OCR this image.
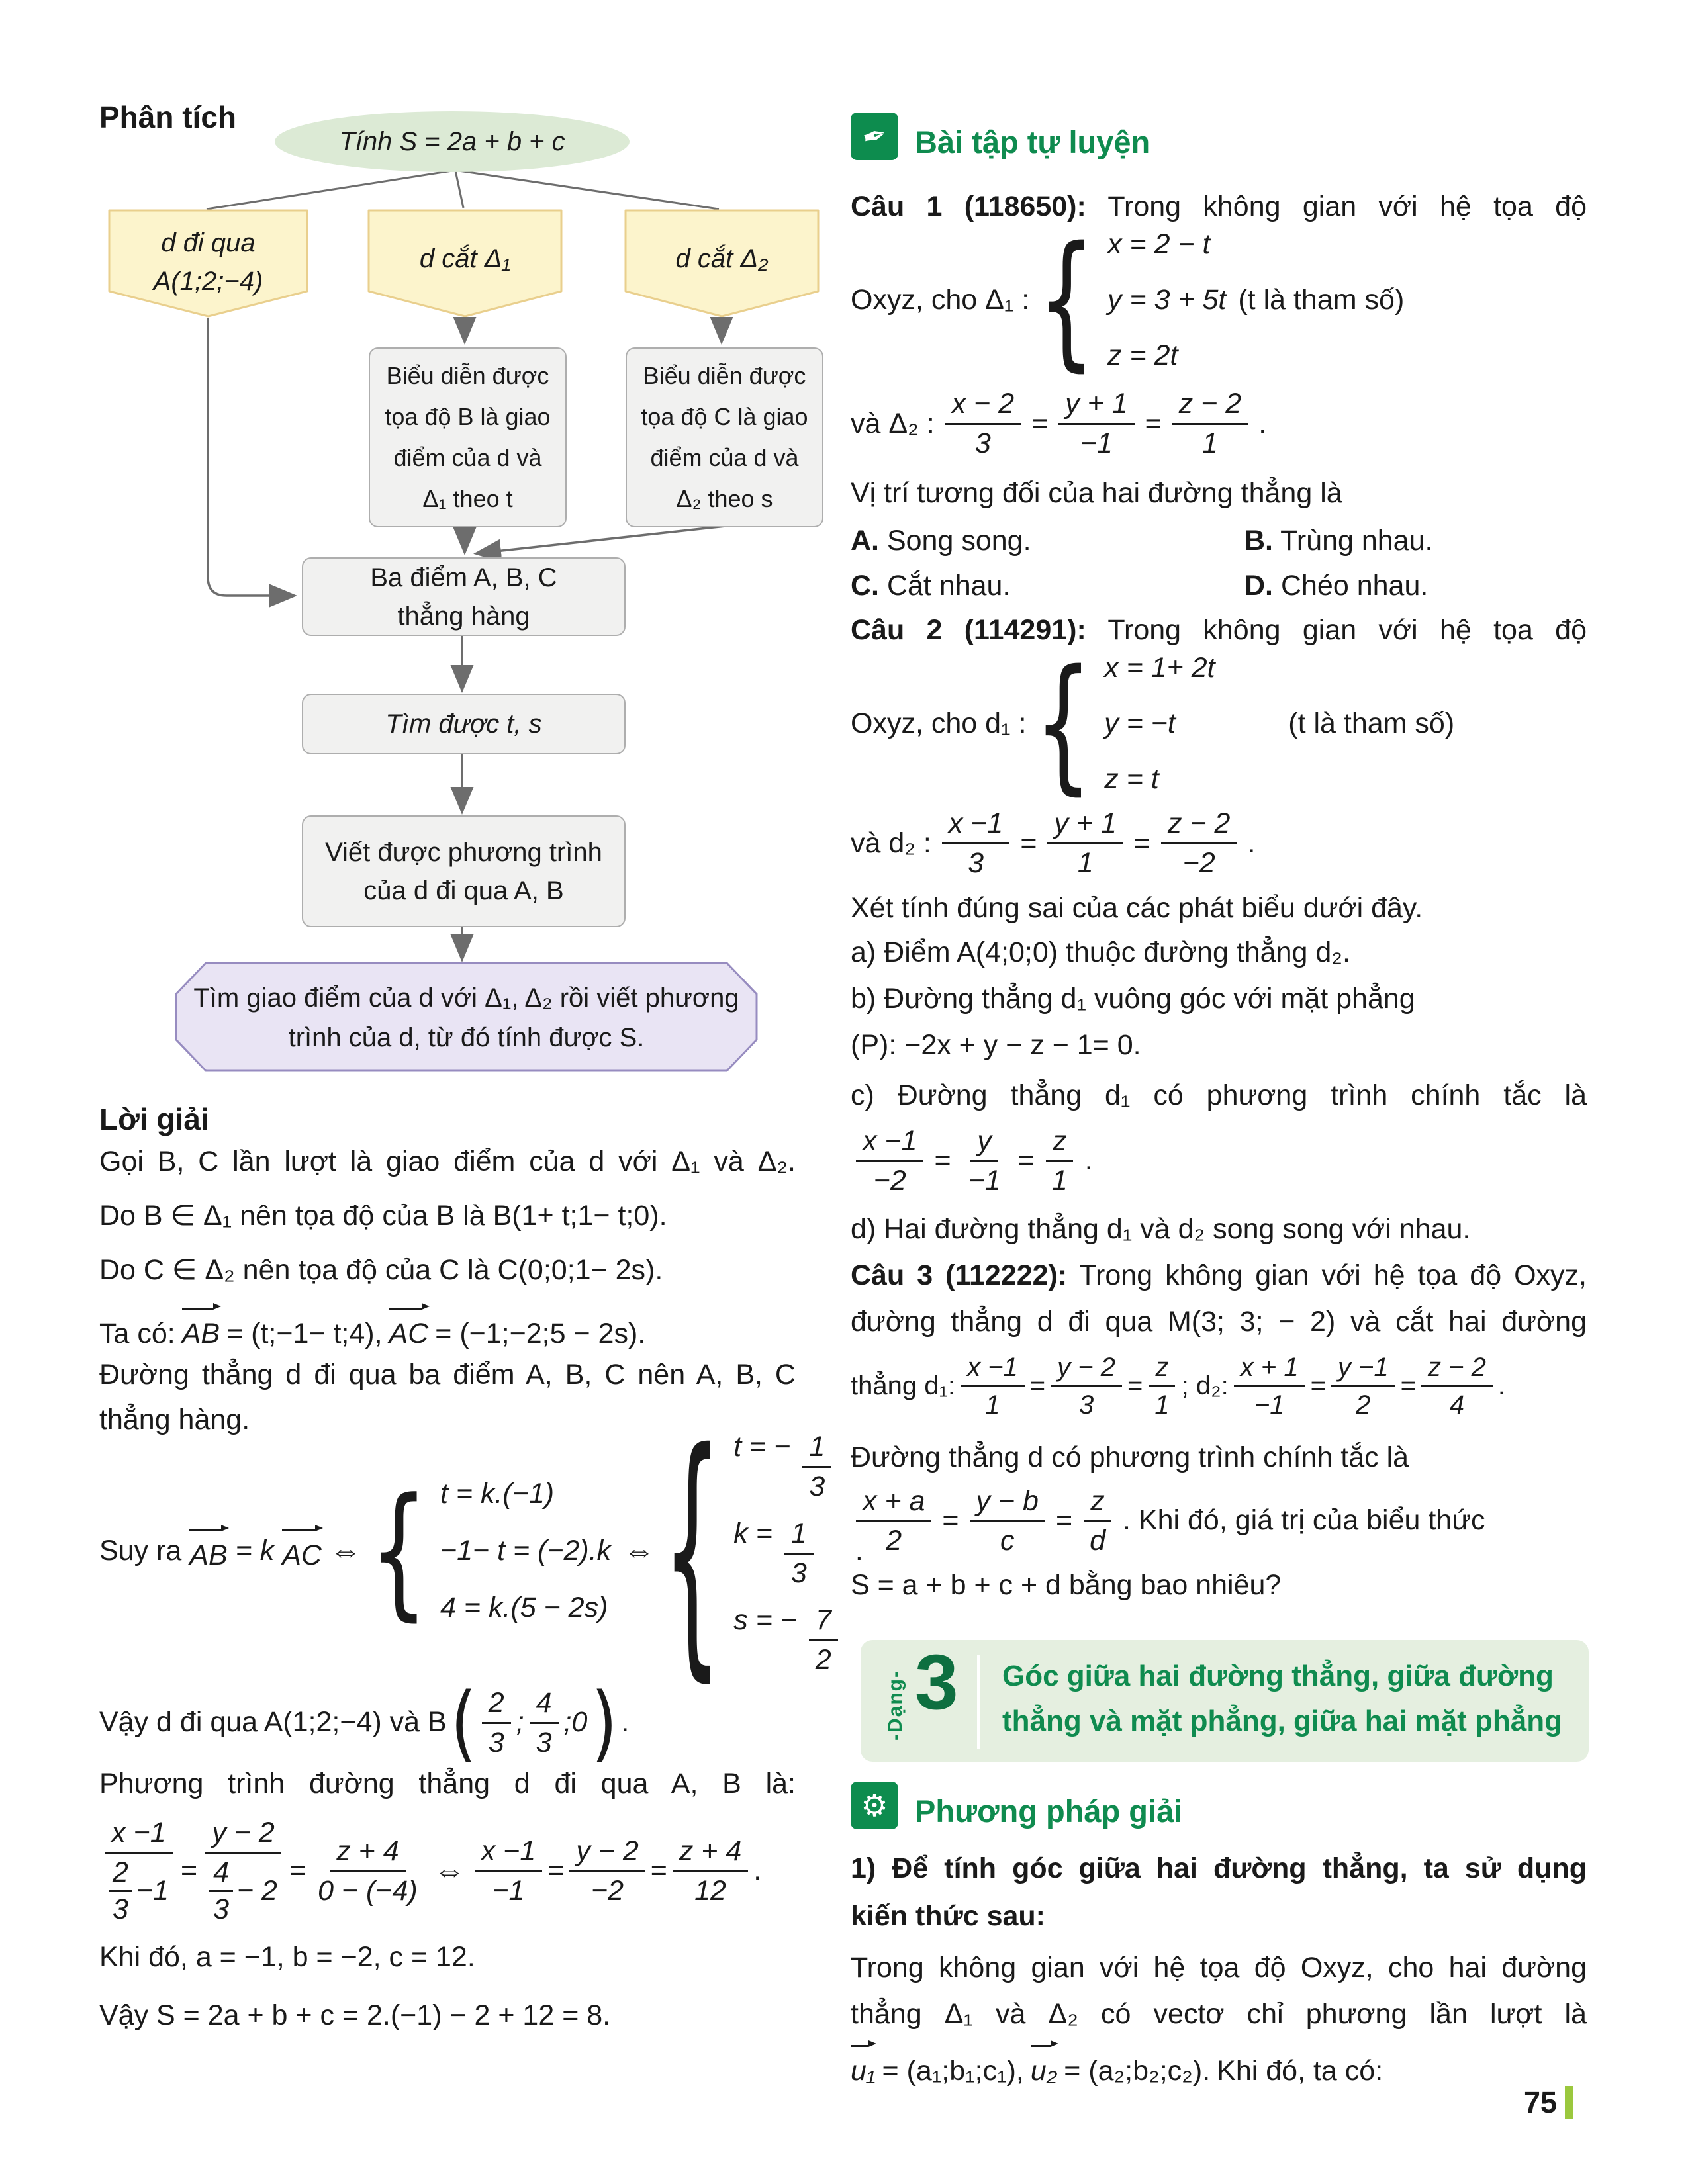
Phân tích
Tính S = 2a + b + c
d đi qua
A(1;2;−4)
d cắt Δ₁	d cắt Δ₂
Biểu diễn được tọa độ B là giao điểm của d và Δ₁ theo t
Biểu diễn được tọa độ C là giao điểm của d và Δ₂ theo s
Ba điểm A, B, C thẳng hàng
Tìm được t, s
Viết được phương trình của d đi qua A, B
Tìm giao điểm của d với Δ₁, Δ₂ rồi viết phương trình của d, từ đó tính được S.
Lời giải
Gọi B, C lần lượt là giao điểm của d với Δ₁ và Δ₂.
Do B ∈ Δ₁ nên tọa độ của B là B(1+ t;1− t;0).
Do C ∈ Δ₂ nên tọa độ của C là C(0;0;1− 2s).
Ta có: AB = (t;−1− t;4), AC = (−1;−2;5 − 2s).
Đường thẳng d đi qua ba điểm A, B, C nên A, B, C
thẳng hàng.
Suy ra AB = k AC ⇔ { t = k.(−1)
−1− t = (−2).k
4 = k.(5 − 2s)
⇔ { t = − $\frac{1}{3}$
$k = \frac{1}{3}$
s = − $\frac{7}{2}$
.
Vậy d đi qua A(1;2;−4) và B ( 2
3
;
4
3
;0 ) .
Phương trình đường thẳng d đi qua A, B là:
x −1
2
3
−1 = y − 2
4
3
− $2 = \frac{z + 4}{0 - (-4)}$ ⇔ $\frac{x -1}{-1} = \frac{y - 2}{-2} = \frac{z + 4}{12}$ .
Khi đó, a = −1, b = −2, c = 12.
Vậy S = 2a + b + c = 2.(−1) − 2 + 12 = 8.
✒ Bài tập tự luyện
Câu 1 (118650): Trong không gian với hệ tọa độ
Oxyz, cho Δ₁ : { x = 2 − t
y = 3 + 5t
z = 2t
(t là tham số)
và Δ₂ : $\frac{x - 2}{3} = \frac{y + 1}{-1} = \frac{z - 2}{1}$ .
Vị trí tương đối của hai đường thẳng là
A. Song song.	B. Trùng nhau.
C. Cắt nhau.	D. Chéo nhau.
Câu 2 (114291): Trong không gian với hệ tọa độ
Oxyz, cho d₁ : { x = 1+ 2t
y = −t
z = t
(t là tham số)
và d₂ : $\frac{x -1}{3} = \frac{y + 1}{1} = \frac{z - 2}{-2}$ .
Xét tính đúng sai của các phát biểu dưới đây.
a) Điểm A(4;0;0) thuộc đường thẳng d₂.
b) Đường thẳng d₁ vuông góc với mặt phẳng
(P): −2x + y − z − 1= 0.
c) Đường thẳng d₁ có phương trình chính tắc là
$\frac{x -1}{-2} = \frac{y}{-1} = \frac{z}{1}$ .
d) Hai đường thẳng d₁ và d₂ song song với nhau.
Câu 3 (112222): Trong không gian với hệ tọa độ Oxyz,
đường thẳng d đi qua M(3; 3; − 2) và cắt hai đường
thẳng d₁: $\frac{x -1}{1} = \frac{y - 2}{3} = \frac{z}{1}$ ; d₂: $\frac{x + 1}{-1} = \frac{y -1}{2} = \frac{z - 2}{4}$ .
Đường thẳng d có phương trình chính tắc là
$\frac{x + a}{2} = \frac{y - b}{c} = \frac{z}{d}$ . Khi đó, giá trị của biểu thức
S = a + b + c + d bằng bao nhiêu?
-Dạng- 3 Góc giữa hai đường thẳng, giữa đường
thẳng và mặt phẳng, giữa hai mặt phẳng
⚙ Phương pháp giải
1) Để tính góc giữa hai đường thẳng, ta sử dụng
kiến thức sau:
Trong không gian với hệ tọa độ Oxyz, cho hai đường
thẳng Δ₁ và Δ₂ có vectơ chỉ phương lần lượt là
u₁ = (a₁;b₁;c₁), u₂ = (a₂;b₂;c₂). Khi đó, ta có:
75
